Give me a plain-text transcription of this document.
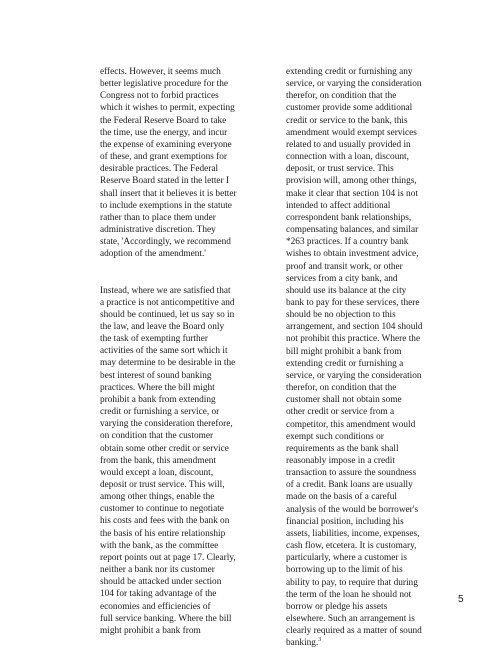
effects. However, it seems much
better legislative procedure for the
Congress not to forbid practices
which it wishes to permit, expecting
the Federal Reserve Board to take
the time, use the energy, and incur
the expense of examining everyone
of these, and grant exemptions for
desirable practices. The Federal
Reserve Board stated in the letter I
shall insert that it believes it is better
to include exemptions in the statute
rather than to place them under
administrative discretion. They
state, 'Accordingly, we recommend
adoption of the amendment.'
Instead, where we are satisfied that
a practice is not anticompetitive and
should be continued, let us say so in
the law, and leave the Board only
the task of exempting further
activities of the same sort which it
may determine to be desirable in the
best interest of sound banking
practices. Where the bill might
prohibit a bank from extending
credit or furnishing a service, or
varying the consideration therefore,
on condition that the customer
obtain some other credit or service
from the bank, this amendment
would except a loan, discount,
deposit or trust service. This will,
among other things, enable the
customer to continue to negotiate
his costs and fees with the bank on
the basis of his entire relationship
with the bank, as the committee
report points out at page 17. Clearly,
neither a bank nor its customer
should be attacked under section
104 for taking advantage of the
economies and efficiencies of
full service banking. Where the bill
might prohibit a bank from
extending credit or furnishing any
service, or varying the consideration
therefor, on condition that the
customer provide some additional
credit or service to the bank, this
amendment would exempt services
related to and usually provided in
connection with a loan, discount,
deposit, or trust service. This
provision will, among other things,
make it clear that section 104 is not
intended to affect additional
correspondent bank relationships,
compensating balances, and similar
*263 practices. If a country bank
wishes to obtain investment advice,
proof and transit work, or other
services from a city bank, and
should use its balance at the city
bank to pay for these services, there
should be no objection to this
arrangement, and section 104 should
not prohibit this practice. Where the
bill might prohibit a bank from
extending credit or furnishing a
service, or varying the consideration
therefor, on condition that the
customer shall not obtain some
other credit or service from a
competitor, this amendment would
exempt such conditions or
requirements as the bank shall
reasonably impose in a credit
transaction to assure the soundness
of a credit. Bank loans are usually
made on the basis of a careful
analysis of the would be borrower's
financial position, including his
assets, liabilities, income, expenses,
cash flow, etcetera. It is customary,
particularly, where a customer is
borrowing up to the limit of his
ability to pay, to require that during
the term of the loan he should not
borrow or pledge his assets
elsewhere. Such an arrangement is
clearly required as a matter of sound
banking.$^3$
5
